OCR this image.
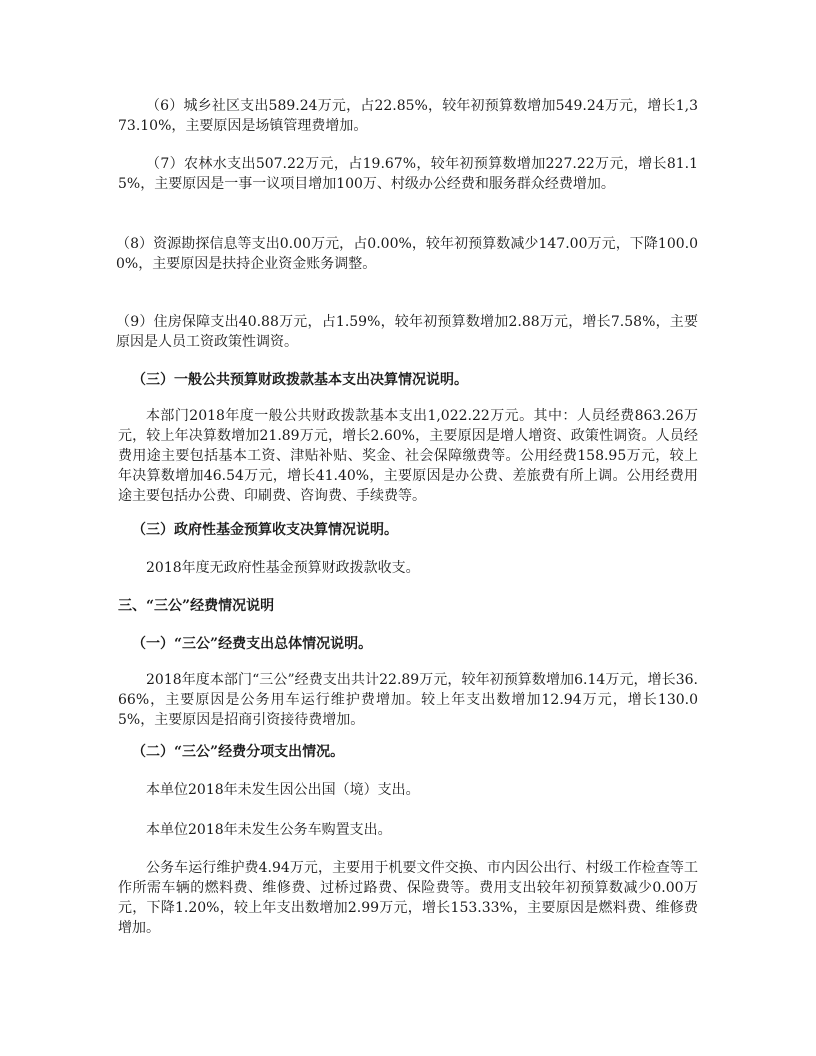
（6）城乡社区支出589.24万元，占22.85%，较年初预算数增加549.24万元，增长1,373.10%，主要原因是场镇管理费增加。

（7）农林水支出507.22万元，占19.67%，较年初预算数增加227.22万元，增长81.15%，主要原因是一事一议项目增加100万、村级办公经费和服务群众经费增加。

（8）资源勘探信息等支出0.00万元，占0.00%，较年初预算数减少147.00万元，下降100.00%，主要原因是扶持企业资金账务调整。

（9）住房保障支出40.88万元，占1.59%，较年初预算数增加2.88万元，增长7.58%，主要原因是人员工资政策性调资。

（三）一般公共预算财政拨款基本支出决算情况说明。

本部门2018年度一般公共财政拨款基本支出1,022.22万元。其中：人员经费863.26万元，较上年决算数增加21.89万元，增长2.60%，主要原因是增人增资、政策性调资。人员经费用途主要包括基本工资、津贴补贴、奖金、社会保障缴费等。公用经费158.95万元，较上年决算数增加46.54万元，增长41.40%，主要原因是办公费、差旅费有所上调。公用经费用途主要包括办公费、印刷费、咨询费、手续费等。

（三）政府性基金预算收支决算情况说明。

2018年度无政府性基金预算财政拨款收支。

三、“三公”经费情况说明

（一）“三公”经费支出总体情况说明。

2018年度本部门“三公”经费支出共计22.89万元，较年初预算数增加6.14万元，增长36.66%，主要原因是公务用车运行维护费增加。较上年支出数增加12.94万元，增长130.05%，主要原因是招商引资接待费增加。

（二）“三公”经费分项支出情况。

本单位2018年未发生因公出国（境）支出。

本单位2018年未发生公务车购置支出。

公务车运行维护费4.94万元，主要用于机要文件交换、市内因公出行、村级工作检查等工作所需车辆的燃料费、维修费、过桥过路费、保险费等。费用支出较年初预算数减少0.00万元，下降1.20%，较上年支出数增加2.99万元，增长153.33%，主要原因是燃料费、维修费增加。
